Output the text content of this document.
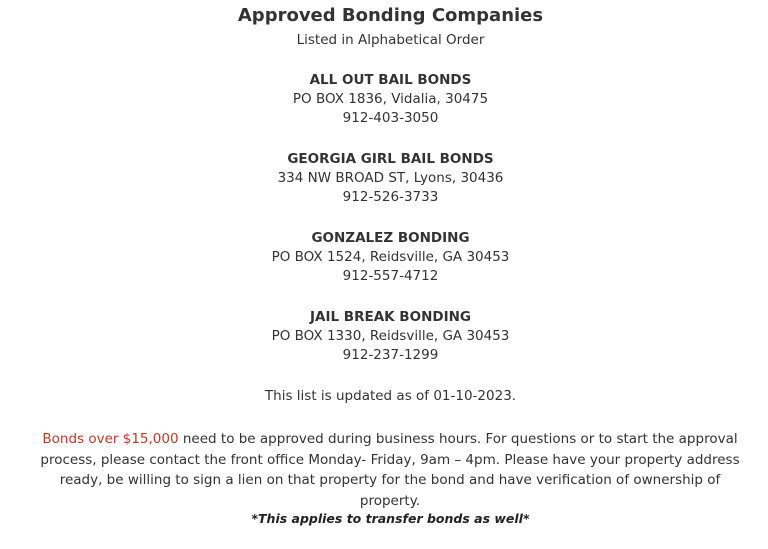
Approved Bonding Companies
Listed in Alphabetical Order
ALL OUT BAIL BONDS
PO BOX 1836, Vidalia, 30475
912-403-3050
GEORGIA GIRL BAIL BONDS
334 NW BROAD ST, Lyons, 30436
912-526-3733
GONZALEZ BONDING
PO BOX 1524, Reidsville, GA 30453
912-557-4712
JAIL BREAK BONDING
PO BOX 1330, Reidsville, GA 30453
912-237-1299
This list is updated as of 01-10-2023.
Bonds over $15,000 need to be approved during business hours. For questions or to start the approval process, please contact the front office Monday- Friday, 9am – 4pm. Please have your property address ready, be willing to sign a lien on that property for the bond and have verification of ownership of property.
*This applies to transfer bonds as well*
